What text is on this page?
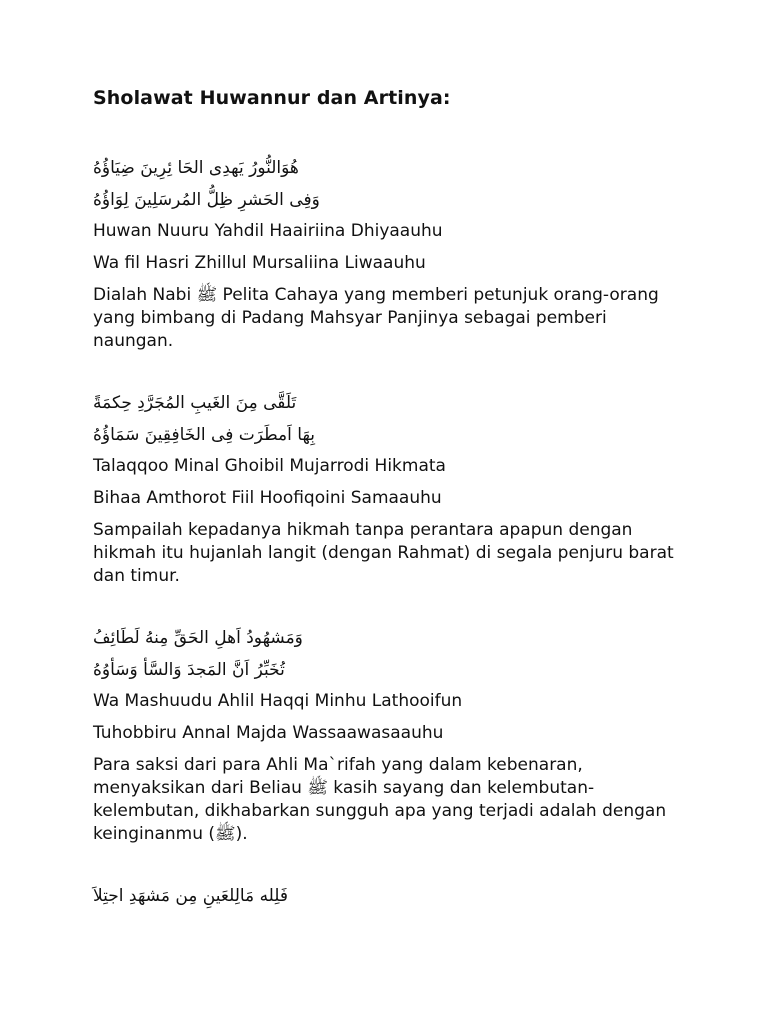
Sholawat Huwannur dan Artinya:
هُوَالنُّورُ يَهدِى الحَا ئِرِينَ ضِيَاؤُهُ
وَفِى الحَشرِ ظِلُّ المُرسَلِينَ لِوَاؤُهُ
Huwan Nuuru Yahdil Haairiina Dhiyaauhu
Wa fil Hasri Zhillul Mursaliina Liwaauhu
Dialah Nabi ﷺ Pelita Cahaya yang memberi petunjuk orang-orang yang bimbang di Padang Mahsyar Panjinya sebagai pemberi naungan.
تَلَقَّى مِنَ الغَيبِ المُجَرَّدِ حِكمَةً
بِهَا اَمطَرَت فِى الخَافِقِينَ سَمَاؤُهُ
Talaqqoo Minal Ghoibil Mujarrodi Hikmata
Bihaa Amthorot Fiil Hoofiqoini Samaauhu
Sampailah kepadanya hikmah tanpa perantara apapun dengan hikmah itu hujanlah langit (dengan Rahmat) di segala penjuru barat dan timur.
وَمَشهُودُ اَهلِ الحَقِّ مِنهُ لَطَائِفُ
تُخَبِّرُ اَنَّ المَجدَ وَالسَّأ وَسَأوُهُ
Wa Mashuudu Ahlil Haqqi Minhu Lathooifun
Tuhobbiru Annal Majda Wassaawasaauhu
Para saksi dari para Ahli Ma`rifah yang dalam kebenaran, menyaksikan dari Beliau ﷺ kasih sayang dan kelembutan-kelembutan, dikhabarkan sungguh apa yang terjadi adalah dengan keinginanmu (ﷺ).
فَلِله مَالِلعَينِ مِن مَشهَدِ اجتِلاَ
